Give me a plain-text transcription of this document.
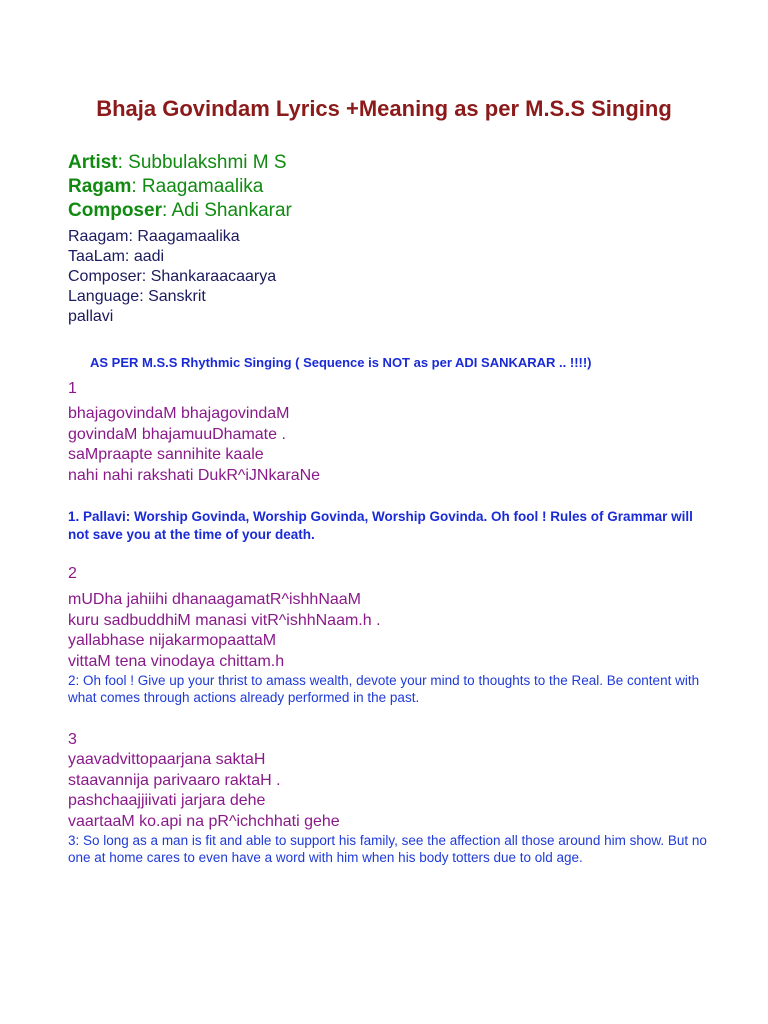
Bhaja Govindam Lyrics +Meaning as per M.S.S Singing
Artist: Subbulakshmi M S
Ragam: Raagamaalika
Composer: Adi Shankarar
Raagam: Raagamaalika
TaaLam: aadi
Composer: Shankaraacaarya
Language: Sanskrit
pallavi
AS PER M.S.S Rhythmic Singing ( Sequence is NOT as per ADI SANKARAR .. !!!!)
1
bhajagovindaM bhajagovindaM
govindaM bhajamuuDhamate .
saMpraapte sannihite kaale
nahi nahi rakshati DukR^iJNkaraNe
1. Pallavi: Worship Govinda, Worship Govinda, Worship Govinda. Oh fool ! Rules of Grammar will not save you at the time of your death.
2
mUDha jahiihi dhanaagamatR^ishhNaaM
kuru sadbuddhiM manasi vitR^ishhNaam.h .
yallabhase nijakarmopaattaM
vittaM tena vinodaya chittam.h
2: Oh fool ! Give up your thrist to amass wealth, devote your mind to thoughts to the Real. Be content with what comes through actions already performed in the past.
3
yaavadvittopaarjana saktaH
staavannija parivaaro raktaH .
pashchaajjiivati jarjara dehe
vaartaaM ko.api na pR^ichchhati gehe
3: So long as a man is fit and able to support his family, see the affection all those around him show. But no one at home cares to even have a word with him when his body totters due to old age.
